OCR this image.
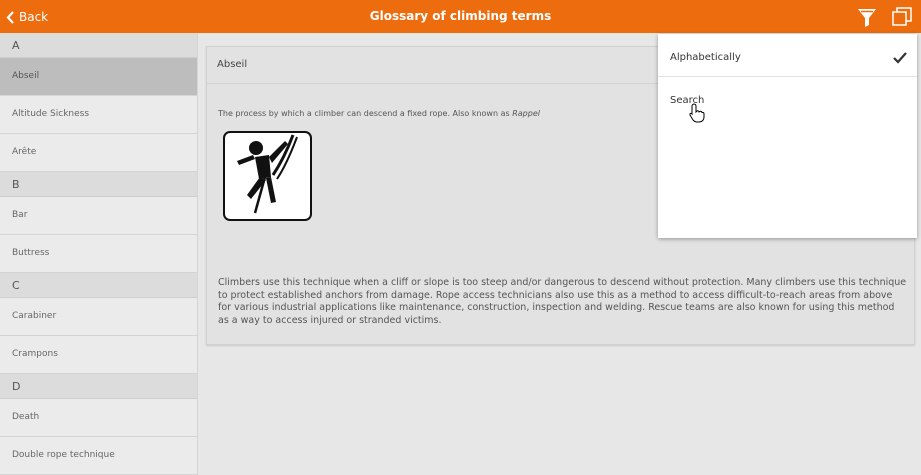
Back	Glossary of climbing terms
A
Abseil
Altitude Sickness
Arête
B
Bar
Buttress
C
Carabiner
Crampons
D
Death
Double rope technique
Abseil
The process by which a climber can descend a fixed rope. Also known as Rappel
Climbers use this technique when a cliff or slope is too steep and/or dangerous to descend without protection. Many climbers use this technique to protect established anchors from damage. Rope access technicians also use this as a method to access difficult-to-reach areas from above for various industrial applications like maintenance, construction, inspection and welding. Rescue teams are also known for using this method as a way to access injured or stranded victims.
Alphabetically
Search
